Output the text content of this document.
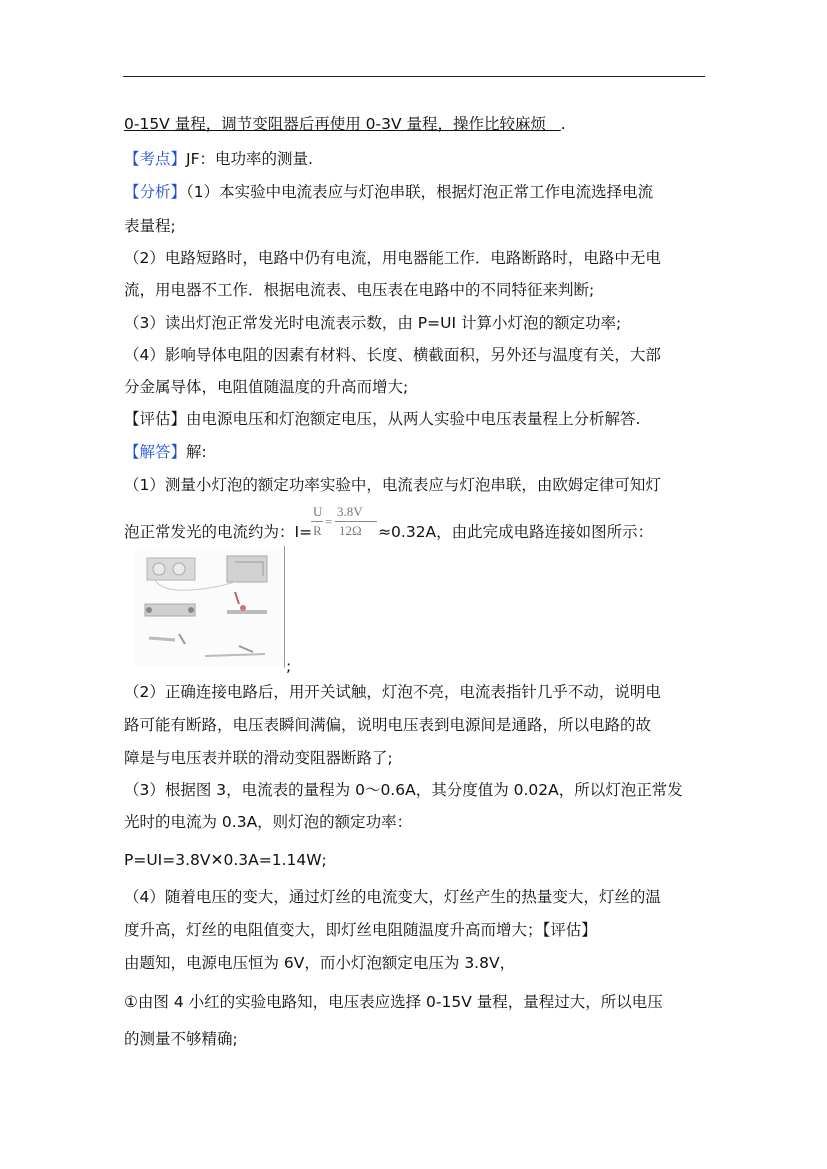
0-15V 量程，调节变阻器后再使用 0-3V 量程，操作比较麻烦 .
【考点】JF：电功率的测量.
【分析】（1）本实验中电流表应与灯泡串联，根据灯泡正常工作电流选择电流
表量程;
（2）电路短路时，电路中仍有电流，用电器能工作．电路断路时，电路中无电
流，用电器不工作．根据电流表、电压表在电路中的不同特征来判断;
（3）读出灯泡正常发光时电流表示数，由 P=UI 计算小灯泡的额定功率;
（4）影响导体电阻的因素有材料、长度、横截面积，另外还与温度有关，大部
分金属导体，电阻值随温度的升高而增大;
【评估】由电源电压和灯泡额定电压，从两人实验中电压表量程上分析解答.
【解答】解:
（1）测量小灯泡的额定功率实验中，电流表应与灯泡串联，由欧姆定律可知灯
泡正常发光的电流约为：I=	≈0.32A，由此完成电路连接如图所示：
U
R
=
3.8V
12Ω
;
（2）正确连接电路后，用开关试触，灯泡不亮，电流表指针几乎不动，说明电
路可能有断路，电压表瞬间满偏，说明电压表到电源间是通路，所以电路的故
障是与电压表并联的滑动变阻器断路了;
（3）根据图 3，电流表的量程为 0～0.6A，其分度值为 0.02A，所以灯泡正常发
光时的电流为 0.3A，则灯泡的额定功率：
P=UI=3.8V✕0.3A=1.14W;
（4）随着电压的变大，通过灯丝的电流变大，灯丝产生的热量变大，灯丝的温
度升高，灯丝的电阻值变大，即灯丝电阻随温度升高而增大；【评估】
由题知，电源电压恒为 6V，而小灯泡额定电压为 3.8V，
①由图 4 小红的实验电路知，电压表应选择 0-15V 量程，量程过大，所以电压
的测量不够精确;
